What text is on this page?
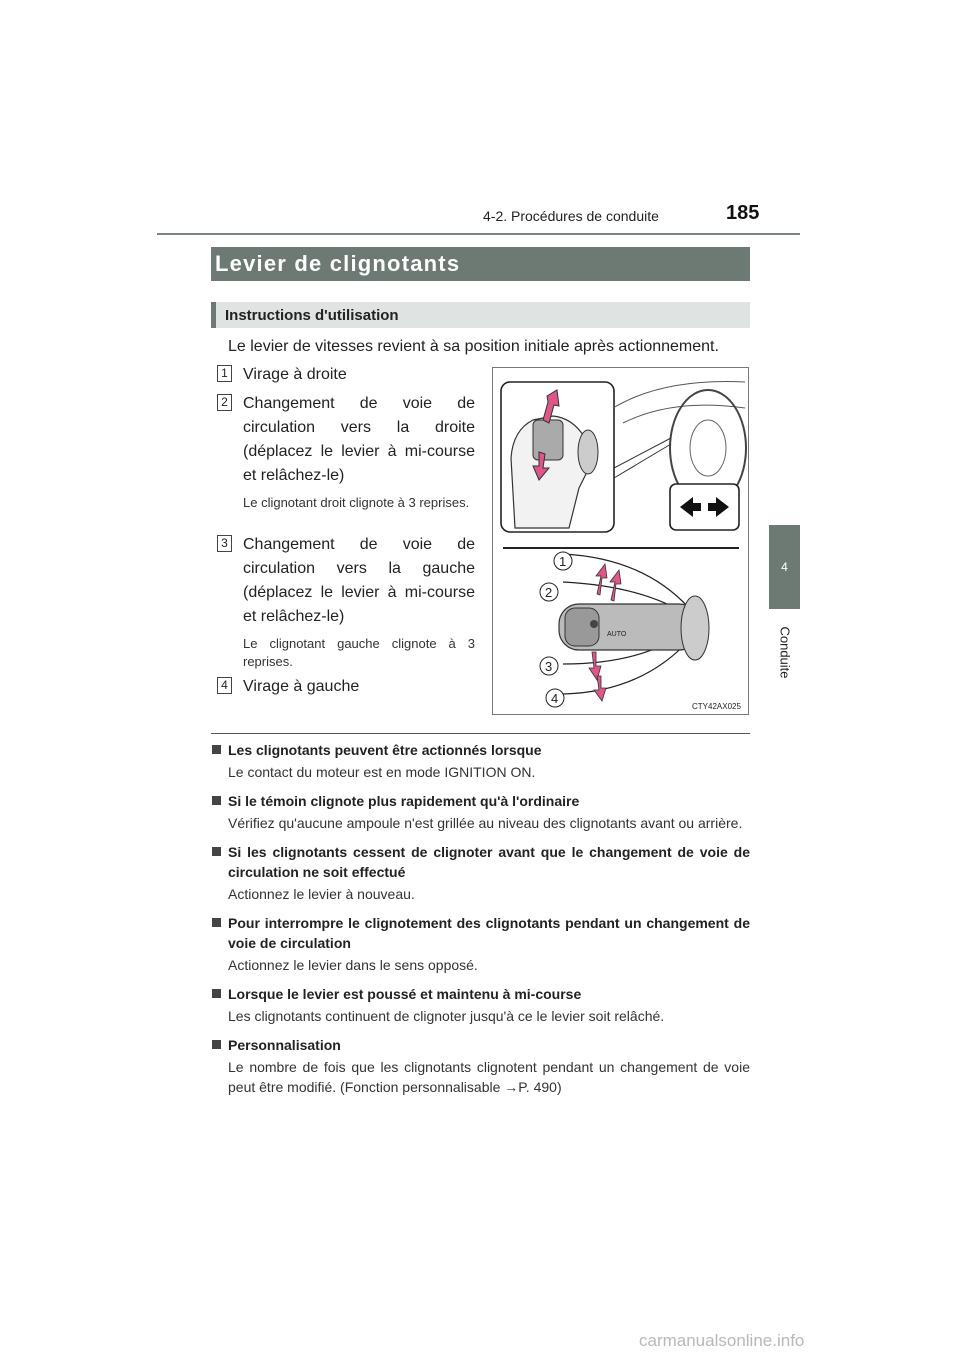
4-2. Procédures de conduite	185
4
Conduite
Levier de clignotants
Instructions d'utilisation
Le levier de vitesses revient à sa position initiale après actionnement.
1 Virage à droite
2 Changement de voie de circulation vers la droite (déplacez le levier à mi-course et relâchez-le)
Le clignotant droit clignote à 3 reprises.
3 Changement de voie de circulation vers la gauche (déplacez le levier à mi-course et relâchez-le)
Le clignotant gauche clignote à 3 reprises.
4 Virage à gauche
AUTO
1
2
3
4
CTY42AX025
Les clignotants peuvent être actionnés lorsque
Le contact du moteur est en mode IGNITION ON.
Si le témoin clignote plus rapidement qu'à l'ordinaire
Vérifiez qu'aucune ampoule n'est grillée au niveau des clignotants avant ou arrière.
Si les clignotants cessent de clignoter avant que le changement de voie de circulation ne soit effectué
Actionnez le levier à nouveau.
Pour interrompre le clignotement des clignotants pendant un changement de voie de circulation
Actionnez le levier dans le sens opposé.
Lorsque le levier est poussé et maintenu à mi-course
Les clignotants continuent de clignoter jusqu'à ce le levier soit relâché.
Personnalisation
Le nombre de fois que les clignotants clignotent pendant un changement de voie peut être modifié. (Fonction personnalisable →P. 490)
carmanualsonline.info
